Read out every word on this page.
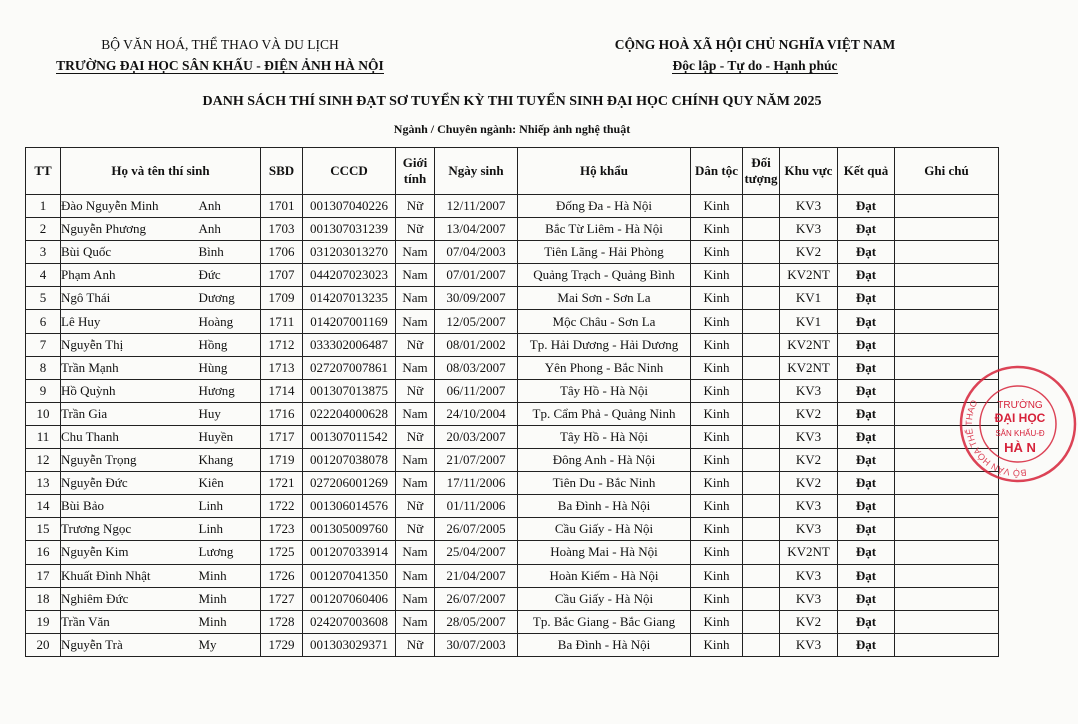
BỘ VĂN HOÁ, THỂ THAO VÀ DU LỊCH
TRƯỜNG ĐẠI HỌC SÂN KHẤU - ĐIỆN ẢNH HÀ NỘI
CỘNG HOÀ XÃ HỘI CHỦ NGHĨA VIỆT NAM
Độc lập - Tự do - Hạnh phúc
DANH SÁCH THÍ SINH ĐẠT SƠ TUYỂN KỲ THI TUYỂN SINH ĐẠI HỌC CHÍNH QUY NĂM 2025
Ngành / Chuyên ngành: Nhiếp ảnh nghệ thuật
TT	Họ và tên thí sinh		SBD	CCCD	Giới tính	Ngày sinh	Hộ khẩu	Dân tộc	Đối tượng	Khu vực	Kết quả	Ghi chú
1	Đào Nguyễn Minh	Anh	1701	001307040226	Nữ	12/11/2007	Đống Đa - Hà Nội	Kinh		KV3	Đạt	
2	Nguyễn Phương	Anh	1703	001307031239	Nữ	13/04/2007	Bắc Từ Liêm - Hà Nội	Kinh		KV3	Đạt	
3	Bùi Quốc	Bình	1706	031203013270	Nam	07/04/2003	Tiên Lãng - Hải Phòng	Kinh		KV2	Đạt	
4	Phạm Anh	Đức	1707	044207023023	Nam	07/01/2007	Quảng Trạch - Quảng Bình	Kinh		KV2NT	Đạt	
5	Ngô Thái	Dương	1709	014207013235	Nam	30/09/2007	Mai Sơn - Sơn La	Kinh		KV1	Đạt	
6	Lê Huy	Hoàng	1711	014207001169	Nam	12/05/2007	Mộc Châu - Sơn La	Kinh		KV1	Đạt	
7	Nguyễn Thị	Hồng	1712	033302006487	Nữ	08/01/2002	Tp. Hải Dương - Hải Dương	Kinh		KV2NT	Đạt	
8	Trần Mạnh	Hùng	1713	027207007861	Nam	08/03/2007	Yên Phong - Bắc Ninh	Kinh		KV2NT	Đạt	
9	Hồ Quỳnh	Hương	1714	001307013875	Nữ	06/11/2007	Tây Hồ - Hà Nội	Kinh		KV3	Đạt	
10	Trần Gia	Huy	1716	022204000628	Nam	24/10/2004	Tp. Cẩm Phả - Quảng Ninh	Kinh		KV2	Đạt	
11	Chu Thanh	Huyền	1717	001307011542	Nữ	20/03/2007	Tây Hồ - Hà Nội	Kinh		KV3	Đạt	
12	Nguyễn Trọng	Khang	1719	001207038078	Nam	21/07/2007	Đông Anh - Hà Nội	Kinh		KV2	Đạt	
13	Nguyễn Đức	Kiên	1721	027206001269	Nam	17/11/2006	Tiên Du - Bắc Ninh	Kinh		KV2	Đạt	
14	Bùi Bảo	Linh	1722	001306014576	Nữ	01/11/2006	Ba Đình - Hà Nội	Kinh		KV3	Đạt	
15	Trương Ngọc	Linh	1723	001305009760	Nữ	26/07/2005	Cầu Giấy - Hà Nội	Kinh		KV3	Đạt	
16	Nguyễn Kim	Lương	1725	001207033914	Nam	25/04/2007	Hoàng Mai - Hà Nội	Kinh		KV2NT	Đạt	
17	Khuất Đình Nhật	Minh	1726	001207041350	Nam	21/04/2007	Hoàn Kiếm - Hà Nội	Kinh		KV3	Đạt	
18	Nghiêm Đức	Minh	1727	001207060406	Nam	26/07/2007	Cầu Giấy - Hà Nội	Kinh		KV3	Đạt	
19	Trần Văn	Minh	1728	024207003608	Nam	28/05/2007	Tp. Bắc Giang - Bắc Giang	Kinh		KV2	Đạt	
20	Nguyễn Trà	My	1729	001303029371	Nữ	30/07/2003	Ba Đình - Hà Nội	Kinh		KV3	Đạt	
BỘ VĂN HÓA THỂ THAO	TRƯỜNG
ĐẠI HỌC
SÂN KHẤU-Đ
HÀ N
